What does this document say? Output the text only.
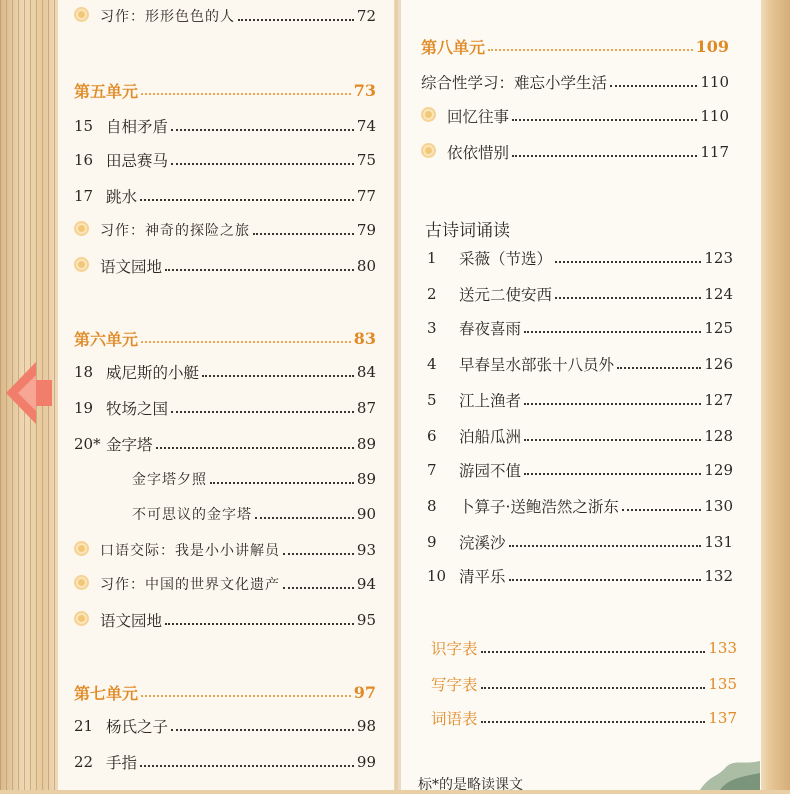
习作：形形色色的人	72
第五单元	73
15 自相矛盾	74
16 田忌赛马	75
17 跳水	77
习作：神奇的探险之旅	79
语文园地	80
第六单元	83
18 威尼斯的小艇	84
19 牧场之国	87
20* 金字塔	89
金字塔夕照	89
不可思议的金字塔	90
口语交际：我是小小讲解员	93
习作：中国的世界文化遗产	94
语文园地	95
第七单元	97
21 杨氏之子	98
22 手指	99
第八单元	109
综合性学习：难忘小学生活	110
回忆往事	110
依依惜别	117
古诗词诵读
1	采薇（节选）	123
2	送元二使安西	124
3	春夜喜雨	125
4	早春呈水部张十八员外	126
5	江上渔者	127
6	泊船瓜洲	128
7	游园不值	129
8	卜算子·送鲍浩然之浙东	130
9	浣溪沙	131
10 清平乐	132
识字表	133
写字表	135
词语表	137
标*的是略读课文
